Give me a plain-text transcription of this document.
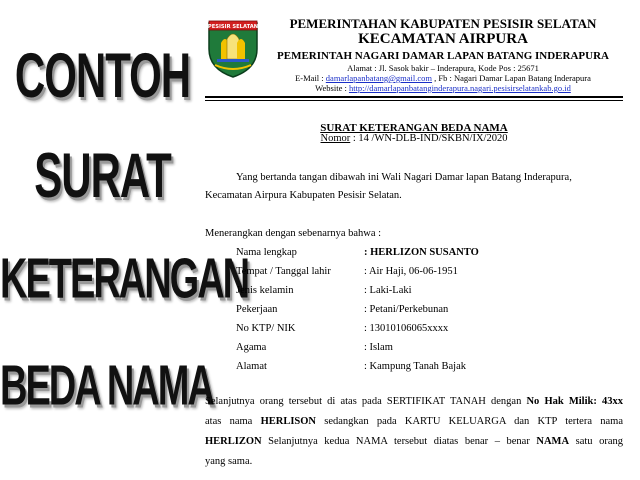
CONTOH
SURAT
KETERANGAN
BEDA NAMA
PESISIR SELATAN	PEMERINTAHAN KABUPATEN PESISIR SELATAN
KECAMATAN AIRPURA
PEMERINTAH NAGARI DAMAR LAPAN BATANG INDERAPURA
Alamat : Jl. Sasok bakir – Inderapura, Kode Pos : 25671
E-Mail : damarlapanbatang@gmail.com , Fb : Nagari Damar Lapan Batang Inderapura
Website : http://damarlapanbatanginderapura.nagari.pesisirselatankab.go.id
SURAT KETERANGAN BEDA NAMA
Nomor : 14 /WN-DLB-IND/SKBN/IX/2020
Yang bertanda tangan dibawah ini Wali Nagari Damar lapan Batang Inderapura,
Kecamatan Airpura Kabupaten Pesisir Selatan.
Menerangkan dengan sebenarnya bahwa :
Nama lengkap	: HERLIZON SUSANTO
Tempat / Tanggal lahir	: Air Haji, 06-06-1951
Jenis kelamin	: Laki-Laki
Pekerjaan	: Petani/Perkebunan
No KTP/ NIK	: 13010106065xxxx
Agama	: Islam
Alamat	: Kampung Tanah Bajak
Selanjutnya orang tersebut di atas pada SERTIFIKAT TANAH dengan No Hak Milik: 43xx
atas nama HERLISON sedangkan pada KARTU KELUARGA dan KTP tertera nama
HERLIZON Selanjutnya kedua NAMA tersebut diatas benar – benar NAMA satu orang
yang sama.
